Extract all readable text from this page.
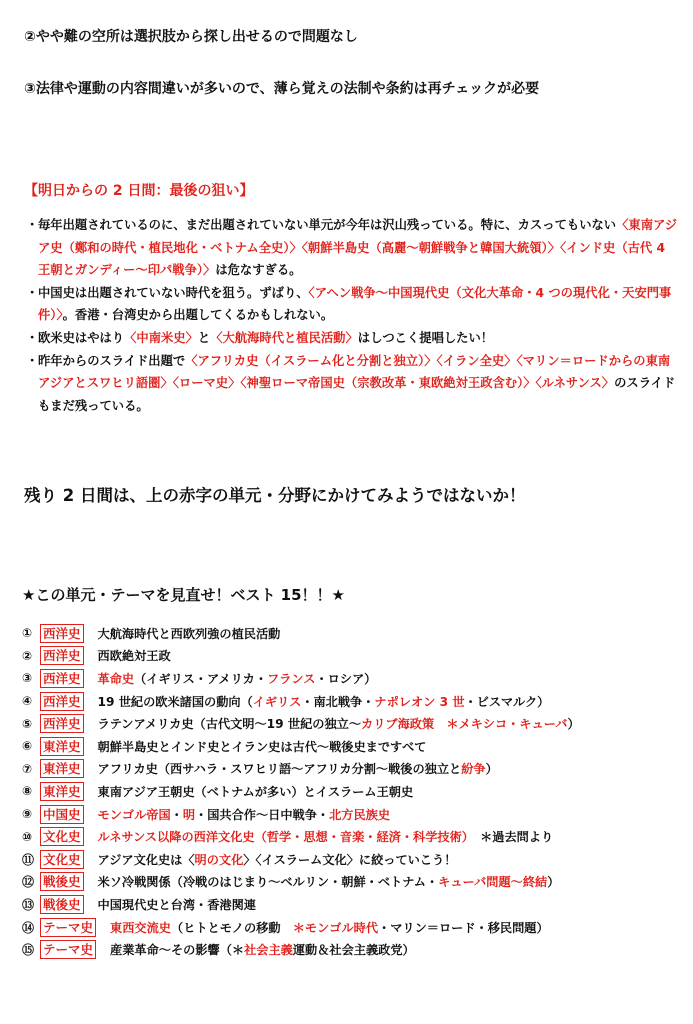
②やや難の空所は選択肢から探し出せるので問題なし
③法律や運動の内容間違いが多いので、薄ら覚えの法制や条約は再チェックが必要
【明日からの 2 日間：最後の狙い】
・ 毎年出題されているのに、まだ出題されていない単元が今年は沢山残っている。特に、カスってもいない〈東南アジア史（鄭和の時代・植民地化・ベトナム全史）〉〈朝鮮半島史（高麗～朝鮮戦争と韓国大統領）〉〈インド史（古代 4 王朝とガンディー～印パ戦争）〉は危なすぎる。
・ 中国史は出題されていない時代を狙う。ずばり、〈アヘン戦争～中国現代史（文化大革命・4 つの現代化・天安門事件）〉。香港・台湾史から出題してくるかもしれない。
・ 欧米史はやはり〈中南米史〉と〈大航海時代と植民活動〉はしつこく提唱したい！
・ 昨年からのスライド出題で〈アフリカ史（イスラーム化と分割と独立）〉〈イラン全史〉〈マリン＝ロードからの東南アジアとスワヒリ語圏〉〈ローマ史〉〈神聖ローマ帝国史（宗教改革・東欧絶対王政含む）〉〈ルネサンス〉のスライドもまだ残っている。
残り 2 日間は、上の赤字の単元・分野にかけてみようではないか！
★この単元・テーマを見直せ！ベスト 15！！★
① 西洋史 大航海時代と西欧列強の植民活動
② 西洋史 西欧絶対王政
③ 西洋史 革命史（イギリス・アメリカ・フランス・ロシア）
④ 西洋史 19 世紀の欧米諸国の動向（イギリス・南北戦争・ナポレオン 3 世・ビスマルク）
⑤ 西洋史 ラテンアメリカ史（古代文明～19 世紀の独立～カリブ海政策　 ＊メキシコ・キューバ）
⑥ 東洋史 朝鮮半島史とインド史とイラン史は古代～戦後史まですべて
⑦ 東洋史 アフリカ史（西サハラ・スワヒリ語～アフリカ分割～戦後の独立と紛争）
⑧ 東洋史 東南アジア王朝史（ベトナムが多い）とイスラーム王朝史
⑨ 中国史 モンゴル帝国・明・国共合作～日中戦争・北方民族史
⑩ 文化史 ルネサンス以降の西洋文化史（哲学・思想・音楽・経済・科学技術）　＊過去問より
⑪ 文化史 アジア文化史は〈明の文化〉〈イスラーム文化〉に絞っていこう！
⑫ 戦後史 米ソ冷戦関係（冷戦のはじまり～ベルリン・朝鮮・ベトナム・キューバ問題～終結）
⑬ 戦後史 中国現代史と台湾・香港関連
⑭ テーマ史 東西交流史（ヒトとモノの移動　＊モンゴル時代・マリン＝ロード・移民問題）
⑮ テーマ史 産業革命～その影響（＊社会主義運動＆社会主義政党）
